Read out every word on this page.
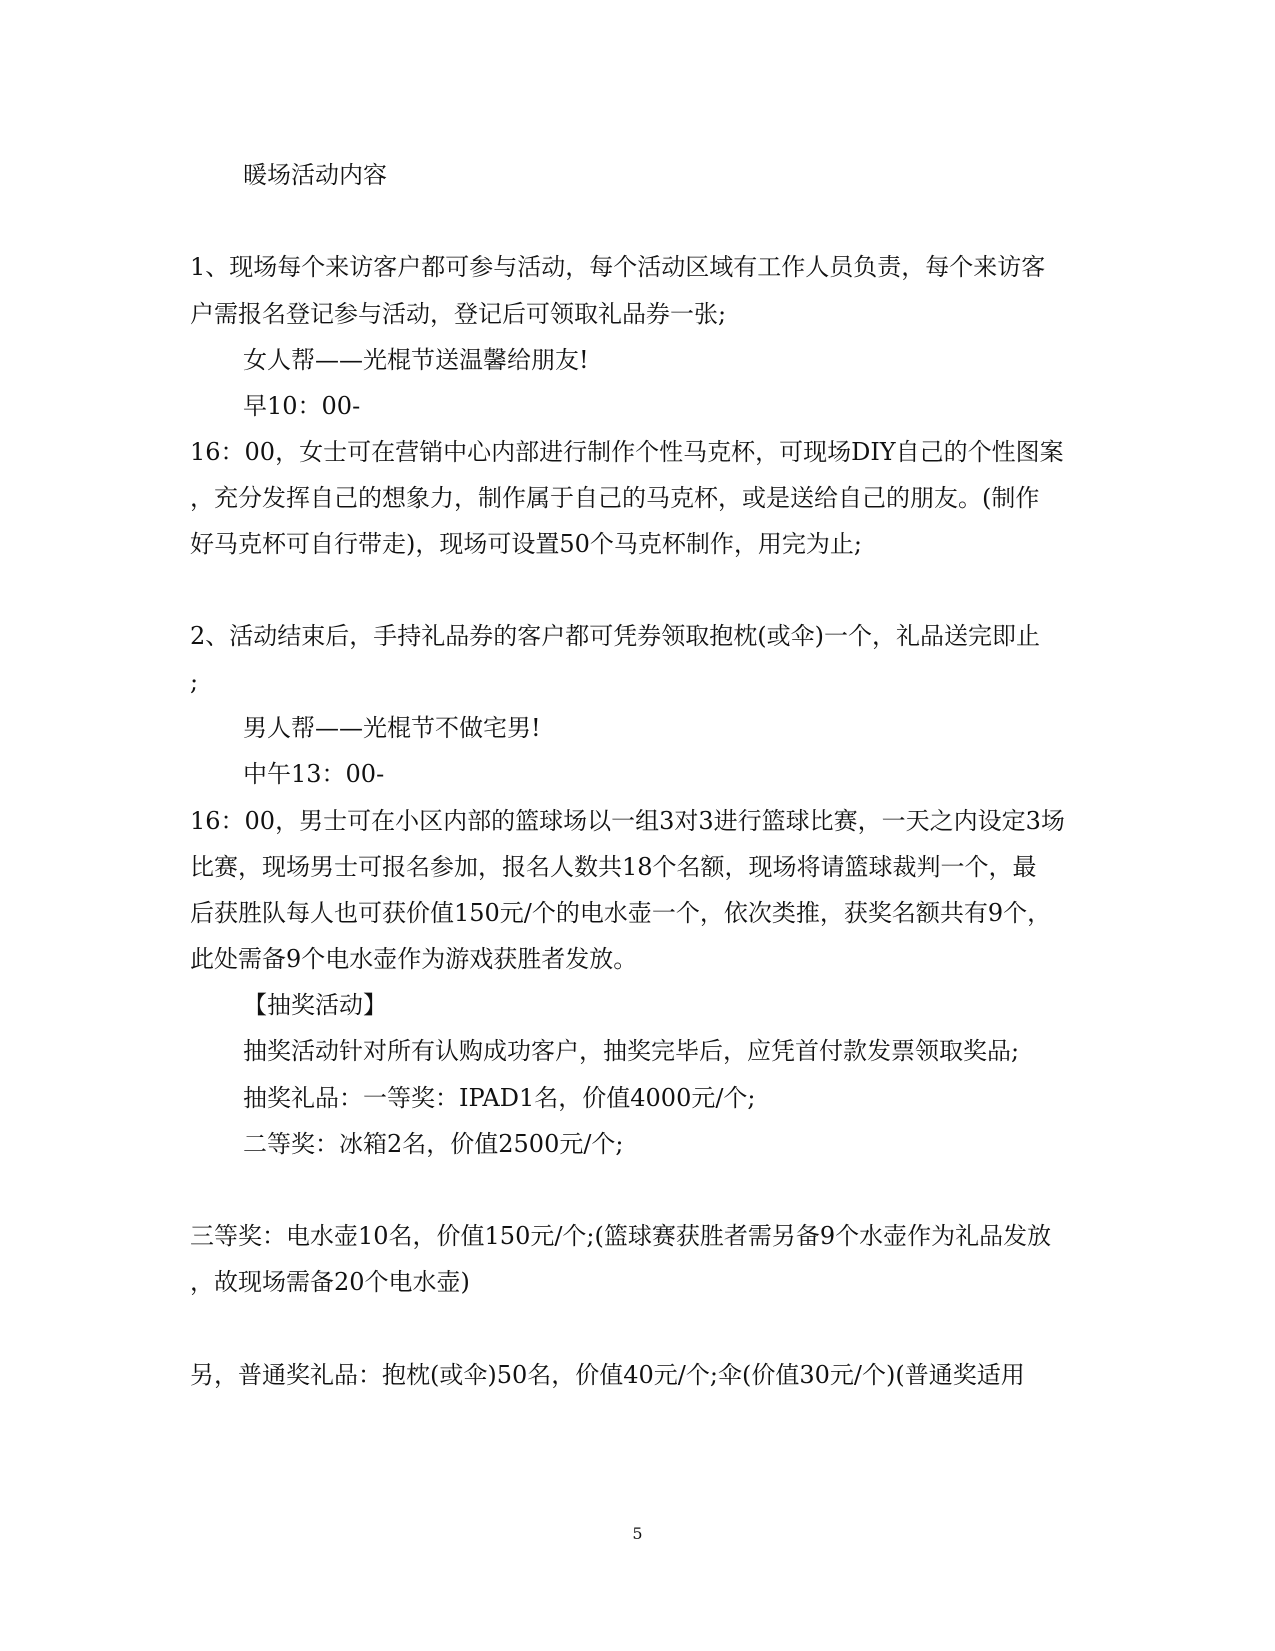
暖场活动内容
1、现场每个来访客户都可参与活动，每个活动区域有工作人员负责，每个来访客
户需报名登记参与活动，登记后可领取礼品券一张;
女人帮——光棍节送温馨给朋友!
早10：00-
16：00，女士可在营销中心内部进行制作个性马克杯，可现场DIY自己的个性图案
，充分发挥自己的想象力，制作属于自己的马克杯，或是送给自己的朋友。(制作
好马克杯可自行带走)，现场可设置50个马克杯制作，用完为止;
2、活动结束后，手持礼品券的客户都可凭券领取抱枕(或伞)一个，礼品送完即止
;
男人帮——光棍节不做宅男!
中午13：00-
16：00，男士可在小区内部的篮球场以一组3对3进行篮球比赛，一天之内设定3场
比赛，现场男士可报名参加，报名人数共18个名额，现场将请篮球裁判一个，最
后获胜队每人也可获价值150元/个的电水壶一个，依次类推，获奖名额共有9个，
此处需备9个电水壶作为游戏获胜者发放。
【抽奖活动】
抽奖活动针对所有认购成功客户，抽奖完毕后，应凭首付款发票领取奖品;
抽奖礼品：一等奖：IPAD1名，价值4000元/个;
二等奖：冰箱2名，价值2500元/个;
三等奖：电水壶10名，价值150元/个;(篮球赛获胜者需另备9个水壶作为礼品发放
，故现场需备20个电水壶)
另，普通奖礼品：抱枕(或伞)50名，价值40元/个;伞(价值30元/个)(普通奖适用
5
